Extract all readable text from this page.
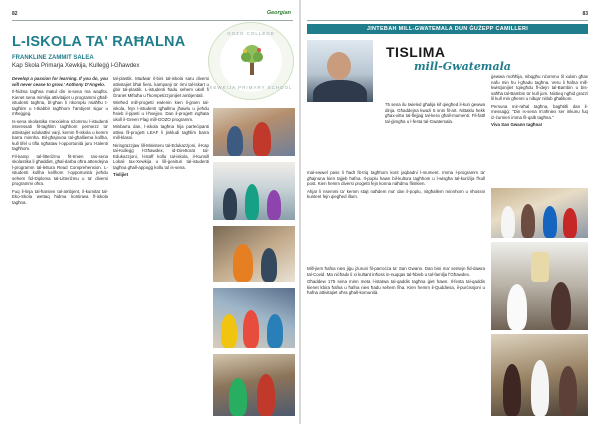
82	Georgian
L-ISKOLA TA' RAĦALNA
FRANKLINE ZAMMIT SALEA
Kap Skola Primarja Xewkija, Kulleġġ l-Għawdex
GOZO COLLEGE
XEWKIJA PRIMARY SCHOOL

Develop a passion for learning. If you do, you will never cease to grow.' Anthony D'Angelo.

Il-ħidma tagħna matul din is-sena ma waqfitx. Kienet sena mimlija attivitajiet u programmi għall-istudenti tagħna, bl-għan li nkomplu nsaħħu t-tagħlim u t-tkabbir tagħhom f'ambjent sigur u mħeġġeġ.

Is-sena skolastika rnexxielna nżommu l-istudenti interessati fit-tagħlim tagħhom permezz ta' attivitajiet edukattivi varji, kemm fl-iskola u kemm barra minnha. Bil-għajnuna tal-għalliema kollha, kull tifel u tifla ngħataw l-opportunità juru t-talenti tagħhom.

Fil-kamp tal-litteriżmu fit-tmien tas-sena skolastika li għaddiet, għal-darba oħra attendejna l-programm tal-lettura Read Comprehension. L-istudenti kollha kellhom l-opportunità jieħdu sehem fid-Diploma tal-Litteriżmu u ta' diversi programmi oħra.

Fuq il-linja tal-ħarsien tal-ambjent, il-kumitat tal-Eko-Skola wettaq ħidma kontinwa fl-iskola tagħna.

tal-plastik. Madwar il-bini tal-iskola saru diversi attivitajiet bħal fiera, kampanji ta' rimi tal-iskart u ġbir tal-plastik. L-istudenti ħadu sehem ukoll fi Ġranet Miftuħa u f'kompetizzjonijiet ambjentali.

Wieħed mill-proġetti ewlenin kien il-ġnien tal-iskola, fejn l-istudenti tgħallmu jħawlu u jieħdu ħsieb il-pjanti u l-ħxejjex. Dan il-proġett ingħata ukoll il-Green Flag mill-GOZO programm.

Minbarra dan, l-iskola tagħna hija parteċipanti attiva fil-proġett LEAF li jinkludi tagħlim barra mill-klassi.

Niringrazzjaw lill-Ministeru tal-Edukazzjoni, il-Kap tal-Kulleġġ l-Għawdex, id-Direttorat tal-Edukazzjoni, l-istaff kollu tal-iskola, il-Kunsill Lokali tax-Xewkija u lill-ġenituri tal-istudenti tagħna għall-appoġġ kollu tul is-sena.

Tislijiet

83
JINTEBAH MILL-GWATEMALA DUN ĠUŻEPP CAMILLERI
TISLIMA
mill-Gwatemala

75 sena ilu twieled għalija kif qiegħed il-kuri ġewwa dinja. Għaddejna kważi 5 snin fil-art. Nittaklu hekk għax-xitta tal-flejjaġ tal-kera għall-mumenti. Fil-fattl tal-ġimgħa u l-festa tal-Gwatemala.

mal-ewwel pass li ħadt fit-triq tagħhom kont jaqbadni l-mument. Imma l-programm ta' għajnuna kien tajjeb ħafna. Il-poplu hawn bil-kultura tagħhom u l-wisgħa tal-kuriżija f'kull post. Kien hemm diversi proġetti fejn konna naħdmu flimkien.

Ahjar li nsemmi ta' kemm stajt naħdem ma' dan il-poplu, nitgħallem minnhom u nħossni kuntent fejn qiegħed illum.

Mill-jiem ħafna nies jiġu jżuruni fil-parroċċa ta' San Gwann. Dan bini ma' sentejn fid-dawra tal-Covid. Ma niċħadx li xi kultant inħoss in-nuqqas tal-ħbieb u tal-familja f'Għawdex.

Għaddew 175 sena minn meta l-istatwa tal-qaddis tagħna ġiet hawn. Il-festa tal-qaddis kienet kbira ħafna u ħafna nies ħadu sehem fiha. Kien hemm il-Quddiesa, il-purċissjoni u ħafna attivitajiet oħra għall-komunità.

ġewwa moħħija, nibqgħu nżommu lil xulxin għax nafu min hu l-għadu tagħna. Veru li ħafna mill-kwistjonijiet tqiegħdu fl-idejn tal-Bambin u bis-saħħa tal-Bambin ta' kull jum. Nixtieq ngħid grazzi lil kull min għenni u nibqa' nitlob għalikom.

Persuna mir-raħal tagħna, bagħtitli dan il-messaġġ: "Din is-sena m'aħniex ser inkunu fuq iż-żurnieri imma fil-qalb tagħna."

Viva San Gwann tagħna!
